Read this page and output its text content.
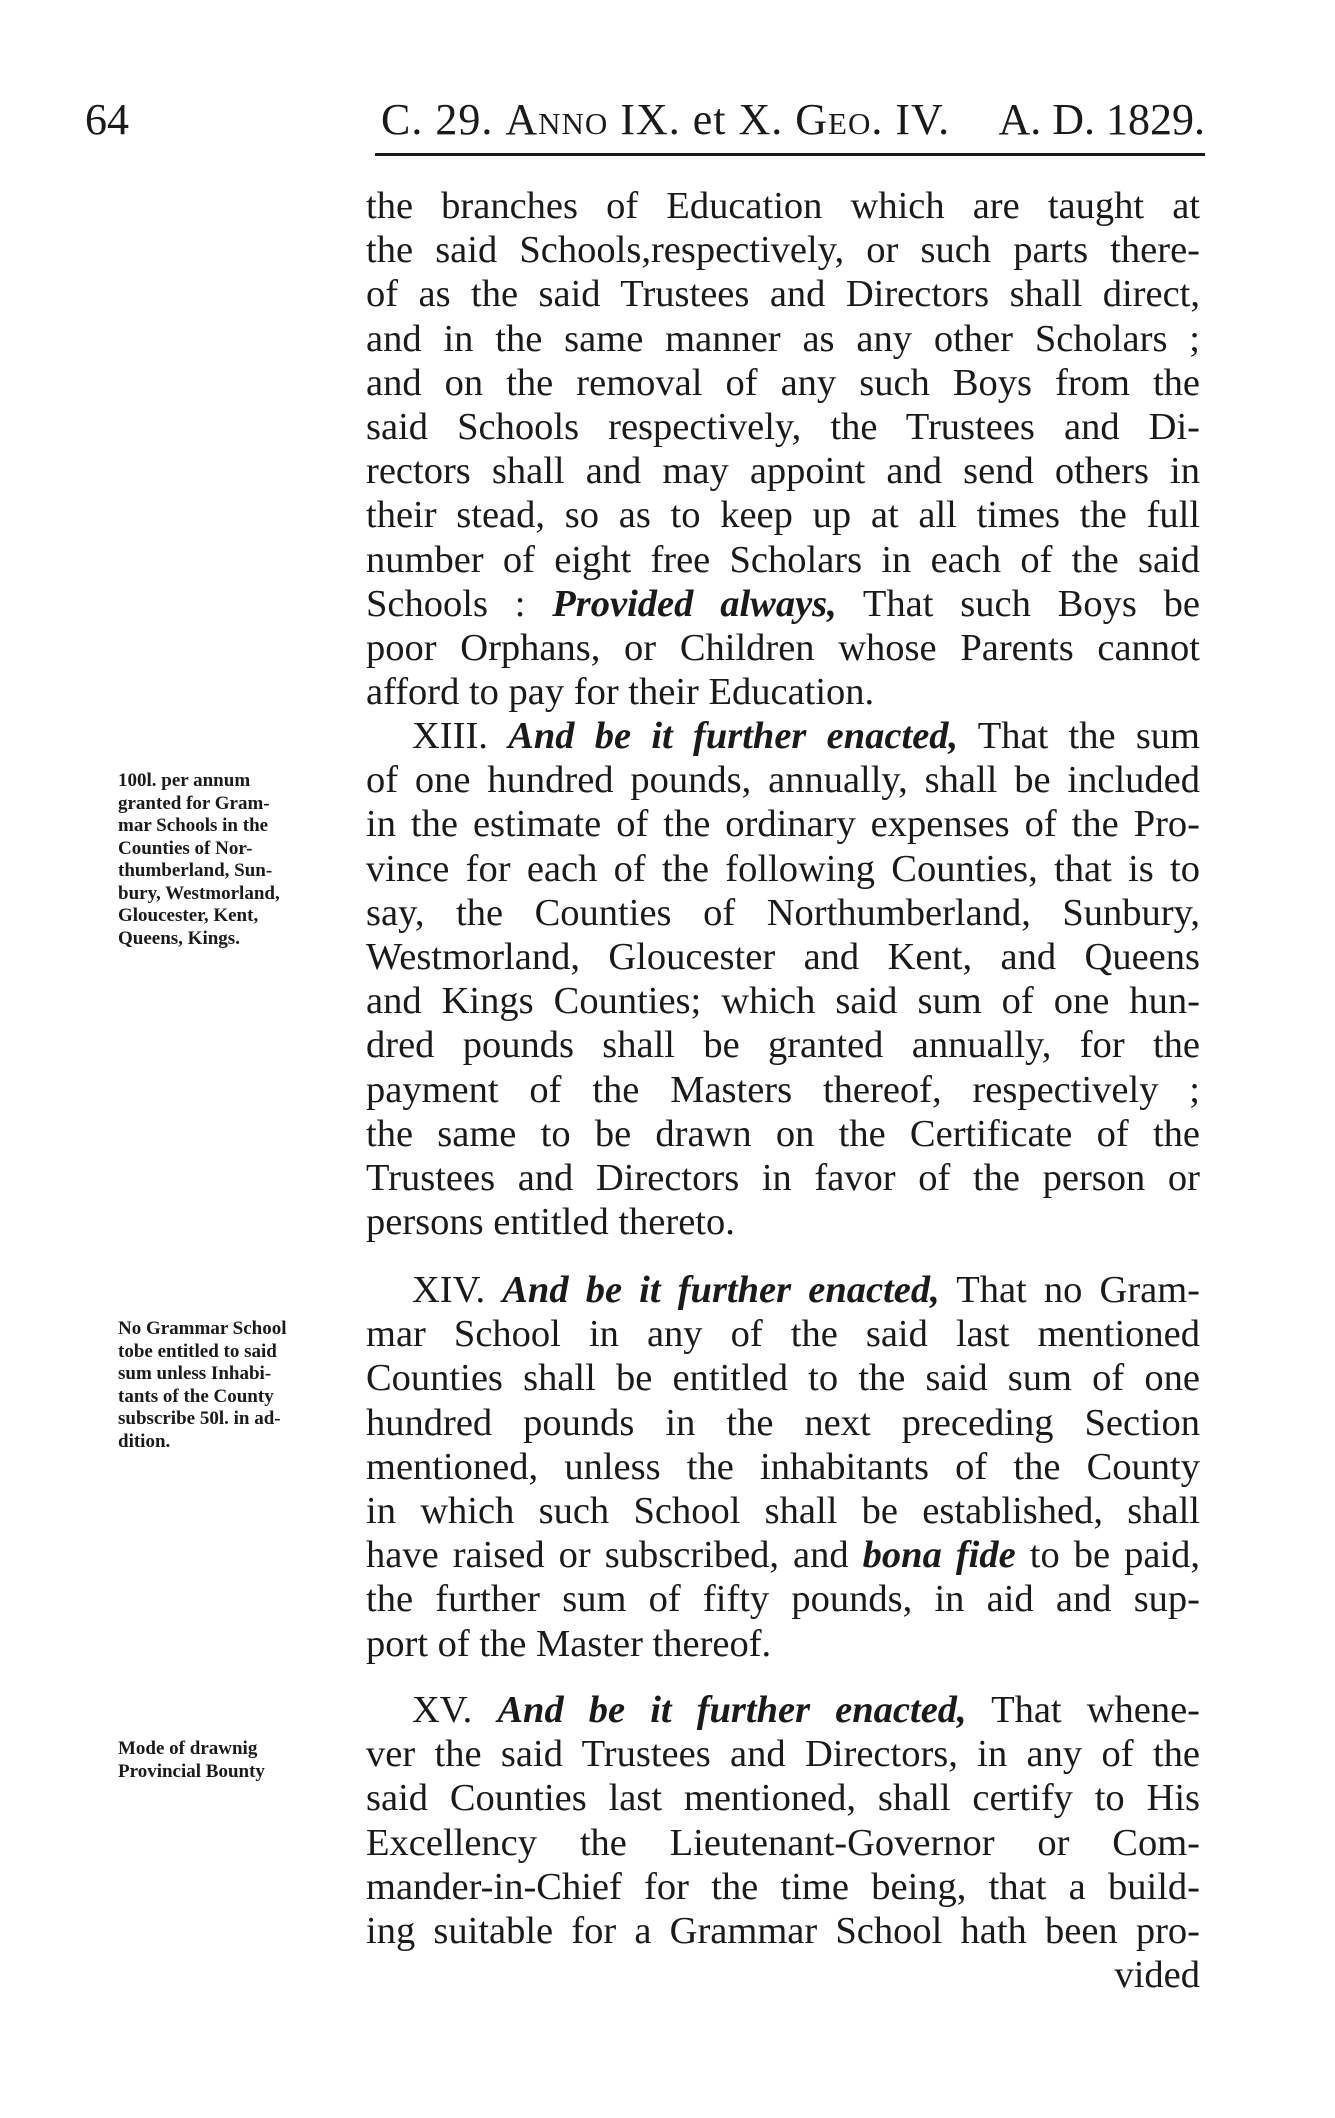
64	C. 29. Anno IX. et X. Geo. IV. A. D. 1829.
the branches of Education which are taught at
the said Schools,respectively, or such parts there-
of as the said Trustees and Directors shall direct,
and in the same manner as any other Scholars ;
and on the removal of any such Boys from the
said Schools respectively, the Trustees and Di-
rectors shall and may appoint and send others in
their stead, so as to keep up at all times the full
number of eight free Scholars in each of the said
Schools : Provided always, That such Boys be
poor Orphans, or Children whose Parents cannot
afford to pay for their Education.
XIII. And be it further enacted, That the sum
of one hundred pounds, annually, shall be included
in the estimate of the ordinary expenses of the Pro-
vince for each of the following Counties, that is to
say, the Counties of Northumberland, Sunbury,
Westmorland, Gloucester and Kent, and Queens
and Kings Counties; which said sum of one hun-
dred pounds shall be granted annually, for the
payment of the Masters thereof, respectively ;
the same to be drawn on the Certificate of the
Trustees and Directors in favor of the person or
persons entitled thereto.
XIV. And be it further enacted, That no Gram-
mar School in any of the said last mentioned
Counties shall be entitled to the said sum of one
hundred pounds in the next preceding Section
mentioned, unless the inhabitants of the County
in which such School shall be established, shall
have raised or subscribed, and bona fide to be paid,
the further sum of fifty pounds, in aid and sup-
port of the Master thereof.
XV. And be it further enacted, That whene-
ver the said Trustees and Directors, in any of the
said Counties last mentioned, shall certify to His
Excellency the Lieutenant-Governor or Com-
mander-in-Chief for the time being, that a build-
ing suitable for a Grammar School hath been pro-
vided
100l. per annum
granted for Gram-
mar Schools in the
Counties of Nor-
thumberland, Sun-
bury, Westmorland,
Gloucester, Kent,
Queens, Kings.
No Grammar School
tobe entitled to said
sum unless Inhabi-
tants of the County
subscribe 50l. in ad-
dition.
Mode of drawnig
Provincial Bounty
